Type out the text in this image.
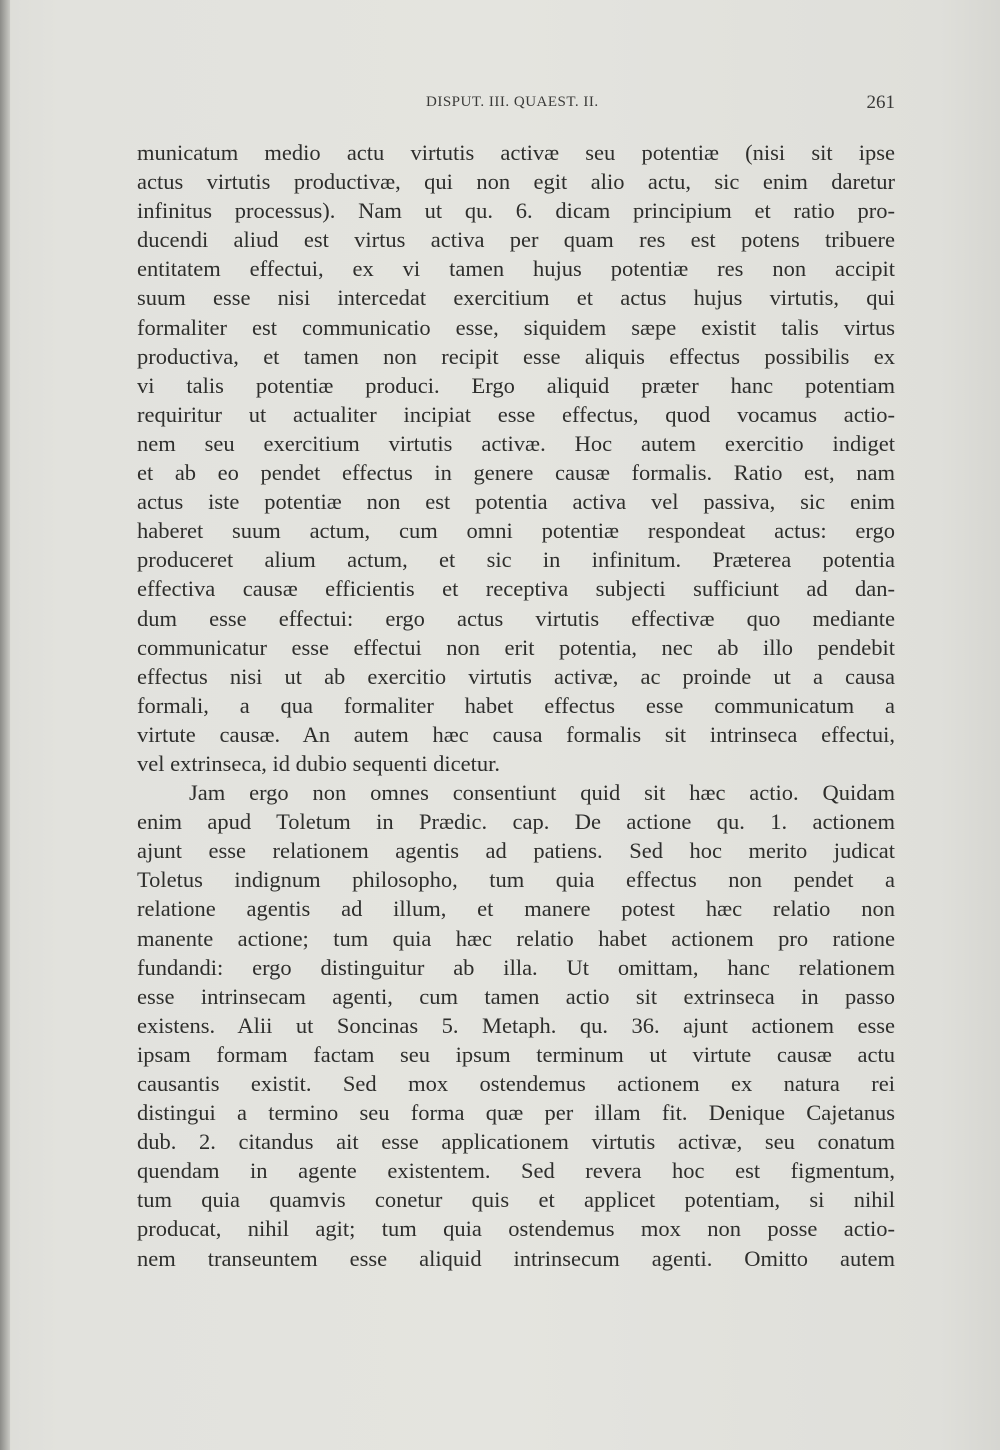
DISPUT. III. QUAEST. II.	261
municatum medio actu virtutis activæ seu potentiæ (nisi sit ipse
actus virtutis productivæ, qui non egit alio actu, sic enim daretur
infinitus processus). Nam ut qu. 6. dicam principium et ratio pro-
ducendi aliud est virtus activa per quam res est potens tribuere
entitatem effectui, ex vi tamen hujus potentiæ res non accipit
suum esse nisi intercedat exercitium et actus hujus virtutis, qui
formaliter est communicatio esse, siquidem sæpe existit talis virtus
productiva, et tamen non recipit esse aliquis effectus possibilis ex
vi talis potentiæ produci. Ergo aliquid præter hanc potentiam
requiritur ut actualiter incipiat esse effectus, quod vocamus actio-
nem seu exercitium virtutis activæ. Hoc autem exercitio indiget
et ab eo pendet effectus in genere causæ formalis. Ratio est, nam
actus iste potentiæ non est potentia activa vel passiva, sic enim
haberet suum actum, cum omni potentiæ respondeat actus: ergo
produceret alium actum, et sic in infinitum. Præterea potentia
effectiva causæ efficientis et receptiva subjecti sufficiunt ad dan-
dum esse effectui: ergo actus virtutis effectivæ quo mediante
communicatur esse effectui non erit potentia, nec ab illo pendebit
effectus nisi ut ab exercitio virtutis activæ, ac proinde ut a causa
formali, a qua formaliter habet effectus esse communicatum a
virtute causæ. An autem hæc causa formalis sit intrinseca effectui,
vel extrinseca, id dubio sequenti dicetur.
Jam ergo non omnes consentiunt quid sit hæc actio. Quidam
enim apud Toletum in Prædic. cap. De actione qu. 1. actionem
ajunt esse relationem agentis ad patiens. Sed hoc merito judicat
Toletus indignum philosopho, tum quia effectus non pendet a
relatione agentis ad illum, et manere potest hæc relatio non
manente actione; tum quia hæc relatio habet actionem pro ratione
fundandi: ergo distinguitur ab illa. Ut omittam, hanc relationem
esse intrinsecam agenti, cum tamen actio sit extrinseca in passo
existens. Alii ut Soncinas 5. Metaph. qu. 36. ajunt actionem esse
ipsam formam factam seu ipsum terminum ut virtute causæ actu
causantis existit. Sed mox ostendemus actionem ex natura rei
distingui a termino seu forma quæ per illam fit. Denique Cajetanus
dub. 2. citandus ait esse applicationem virtutis activæ, seu conatum
quendam in agente existentem. Sed revera hoc est figmentum,
tum quia quamvis conetur quis et applicet potentiam, si nihil
producat, nihil agit; tum quia ostendemus mox non posse actio-
nem transeuntem esse aliquid intrinsecum agenti. Omitto autem
